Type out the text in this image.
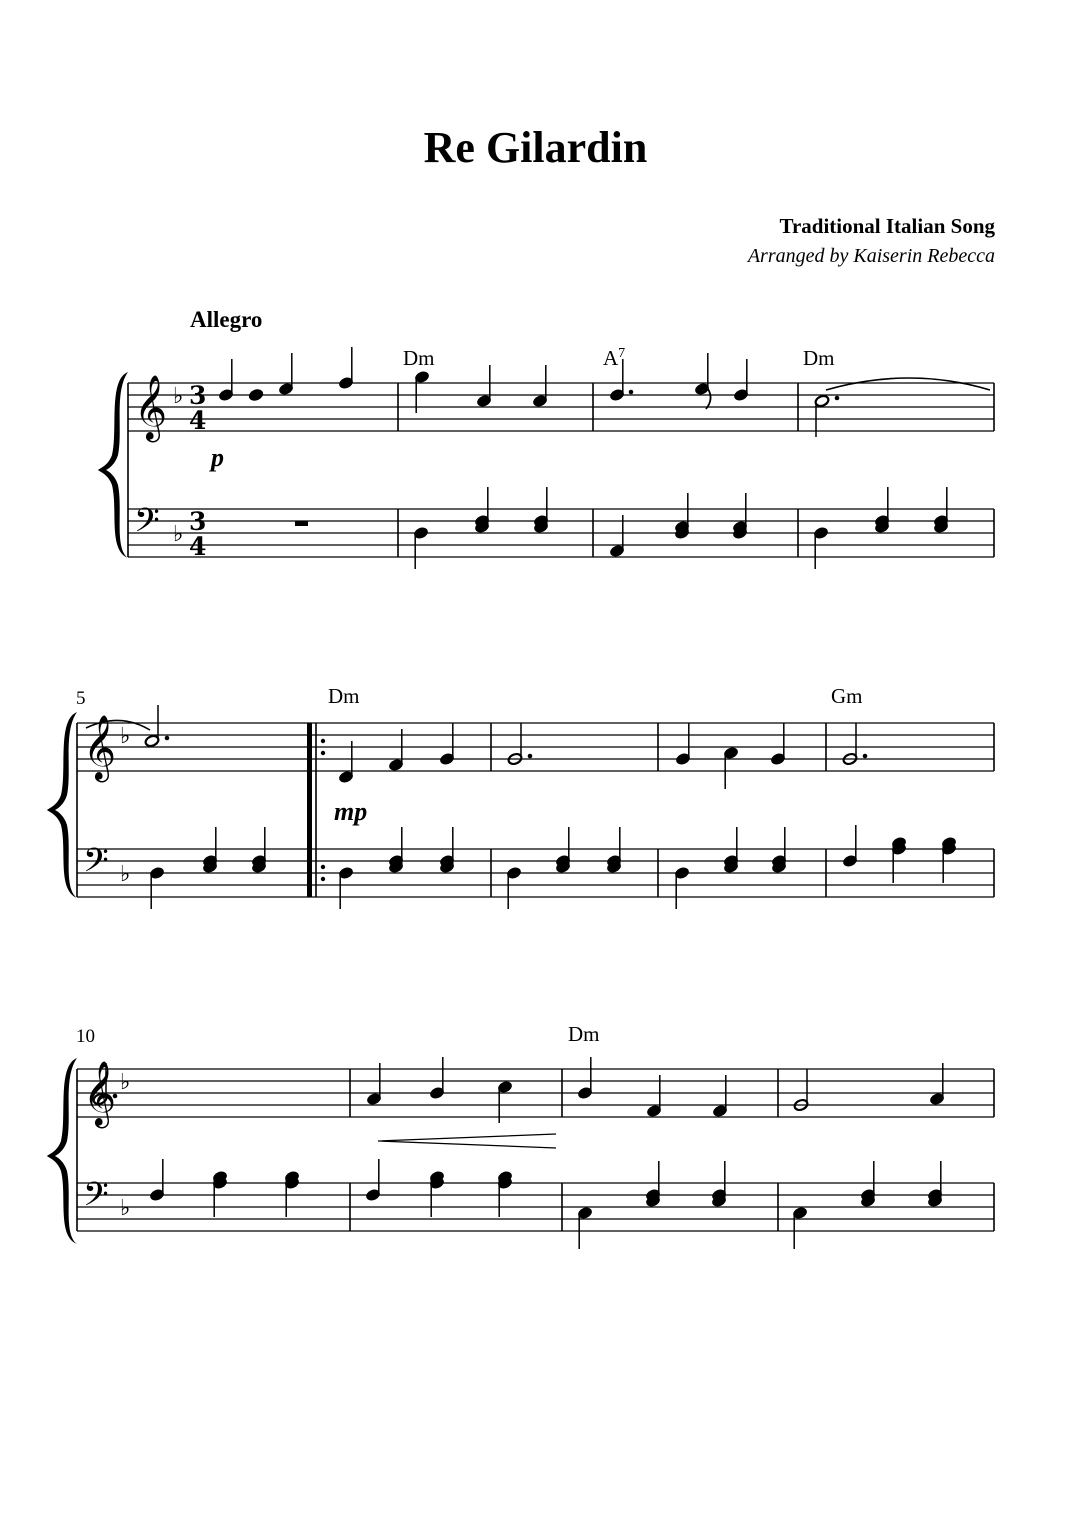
Re Gilardin
Traditional Italian Song
Arranged by Kaiserin Rebecca
Allegro
𝄞
𝄢
♭
♭
3
4
3
4
Dm	$A^7$	Dm
p
5
𝄞
𝄢
♭
♭
Dm	Gm
mp
10
𝄞
𝄢
♭
♭
Dm
